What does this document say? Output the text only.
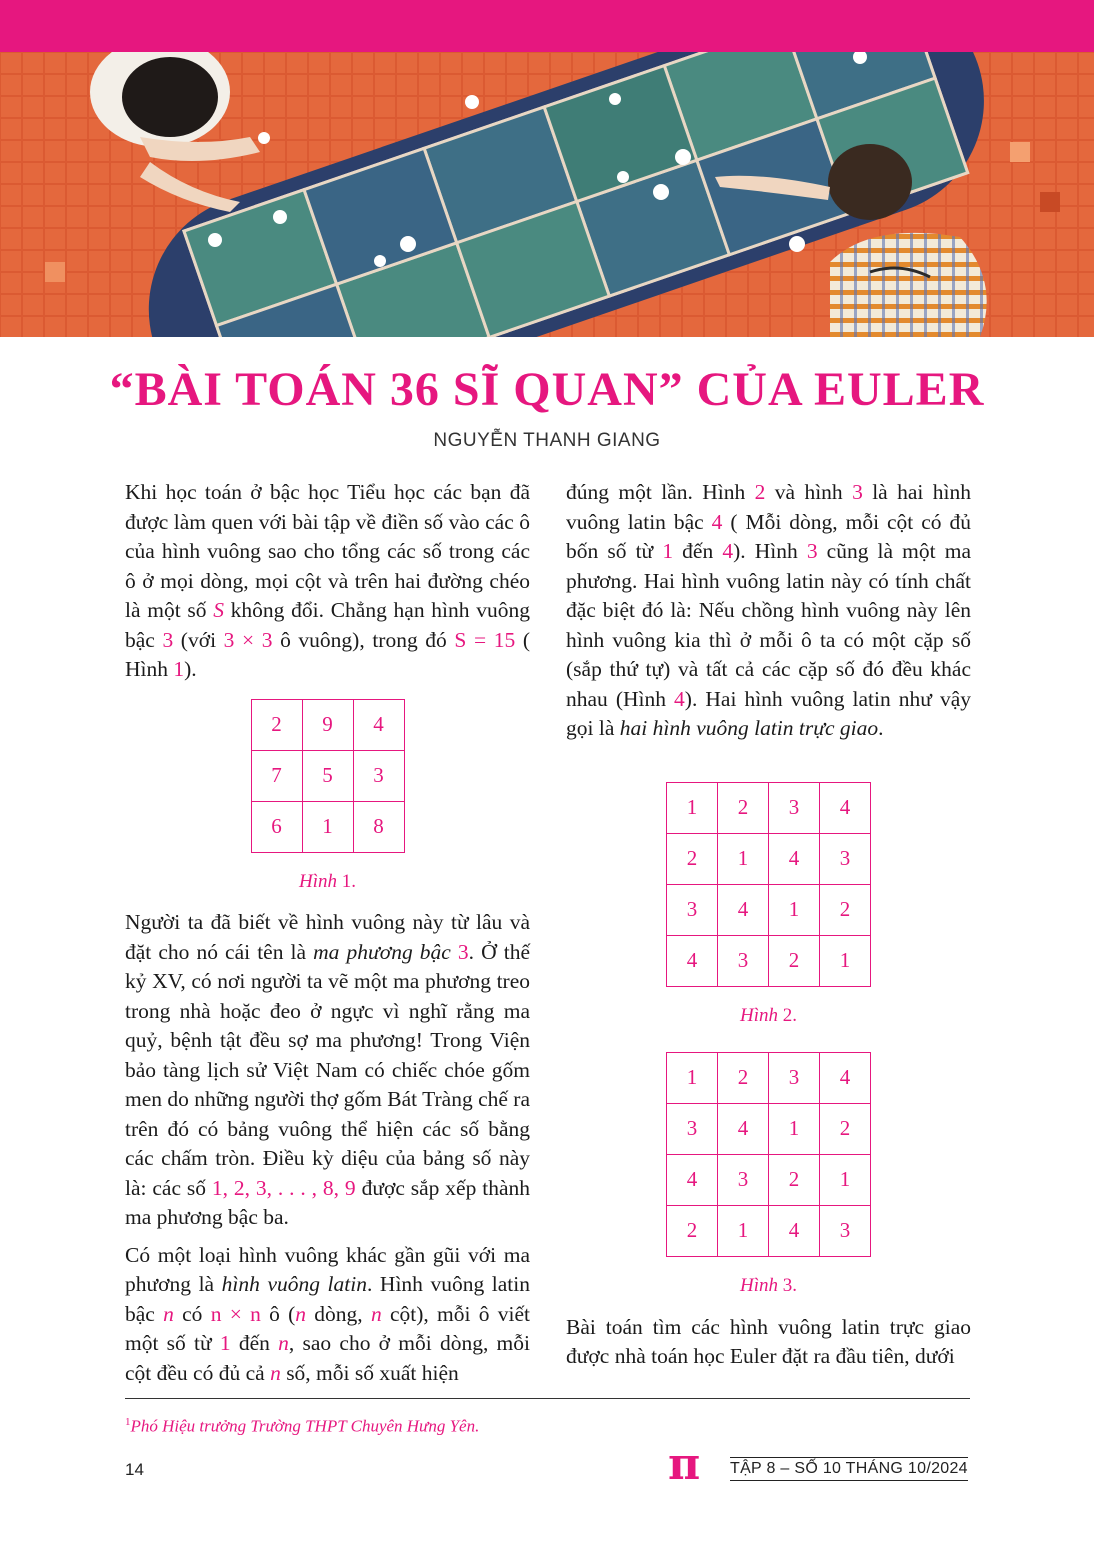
“BÀI TOÁN 36 SĨ QUAN” CỦA EULER
NGUYỄN THANH GIANG

Khi học toán ở bậc học Tiểu học các bạn đã được làm quen với bài tập về điền số vào các ô của hình vuông sao cho tổng các số trong các ô ở mọi dòng, mọi cột và trên hai đường chéo là một số S không đổi. Chẳng hạn hình vuông bậc 3 (với 3 × 3 ô vuông), trong đó S = 15 ( Hình 1).

2	9	4
7	5	3
6	1	8
Hình 1.

Người ta đã biết về hình vuông này từ lâu và đặt cho nó cái tên là ma phương bậc 3. Ở thế kỷ XV, có nơi người ta vẽ một ma phương treo trong nhà hoặc đeo ở ngực vì nghĩ rằng ma quỷ, bệnh tật đều sợ ma phương! Trong Viện bảo tàng lịch sử Việt Nam có chiếc chóe gốm men do những người thợ gốm Bát Tràng chế ra trên đó có bảng vuông thể hiện các số bằng các chấm tròn. Điều kỳ diệu của bảng số này là: các số 1, 2, 3, . . . , 8, 9 được sắp xếp thành ma phương bậc ba.

Có một loại hình vuông khác gần gũi với ma phương là hình vuông latin. Hình vuông latin bậc n có n × n ô (n dòng, n cột), mỗi ô viết một số từ 1 đến n, sao cho ở mỗi dòng, mỗi cột đều có đủ cả n số, mỗi số xuất hiện

đúng một lần. Hình 2 và hình 3 là hai hình vuông latin bậc 4 ( Mỗi dòng, mỗi cột có đủ bốn số từ 1 đến 4). Hình 3 cũng là một ma phương. Hai hình vuông latin này có tính chất đặc biệt đó là: Nếu chồng hình vuông này lên hình vuông kia thì ở mỗi ô ta có một cặp số (sắp thứ tự) và tất cả các cặp số đó đều khác nhau (Hình 4). Hai hình vuông latin như vậy gọi là hai hình vuông latin trực giao.

1	2	3	4
2	1	4	3
3	4	1	2
4	3	2	1
Hình 2.
1	2	3	4
3	4	1	2
4	3	2	1
2	1	4	3
Hình 3.

Bài toán tìm các hình vuông latin trực giao được nhà toán học Euler đặt ra đầu tiên, dưới

$^1$Phó Hiệu trưởng Trường THPT Chuyên Hưng Yên.
14	π TẬP 8 – SỐ 10 THÁNG 10/2024
